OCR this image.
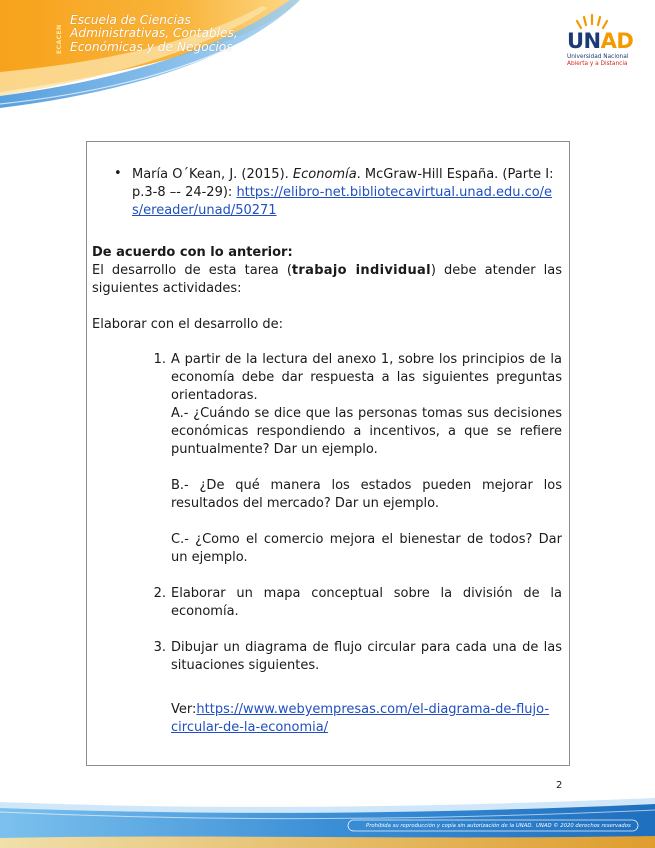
ECACEN
Escuela de Ciencias
Administrativas, Contables,
Económicas y de Negocios	UNAD
Universidad Nacional
Abierta y a Distancia
• María O´Kean, J. (2015). Economía. McGraw-Hill España. (Parte I: p.3-8 –- 24-29): https://elibro-net.bibliotecavirtual.unad.edu.co/es/ereader/unad/50271
De acuerdo con lo anterior:
El desarrollo de esta tarea (trabajo individual) debe atender las siguientes actividades:
Elaborar con el desarrollo de:
1. A partir de la lectura del anexo 1, sobre los principios de la economía debe dar respuesta a las siguientes preguntas orientadoras.
A.- ¿Cuándo se dice que las personas tomas sus decisiones económicas respondiendo a incentivos, a que se refiere puntualmente? Dar un ejemplo.
B.- ¿De qué manera los estados pueden mejorar los resultados del mercado? Dar un ejemplo.
C.- ¿Como el comercio mejora el bienestar de todos? Dar un ejemplo.
2. Elaborar un mapa conceptual sobre la división de la economía.
3. Dibujar un diagrama de flujo circular para cada una de las situaciones siguientes.
Ver:https://www.webyempresas.com/el-diagrama-de-flujo-circular-de-la-economia/
2
Prohibida su reproducción y copia sin autorización de la UNAD. UNAD © 2020 derechos reservados
